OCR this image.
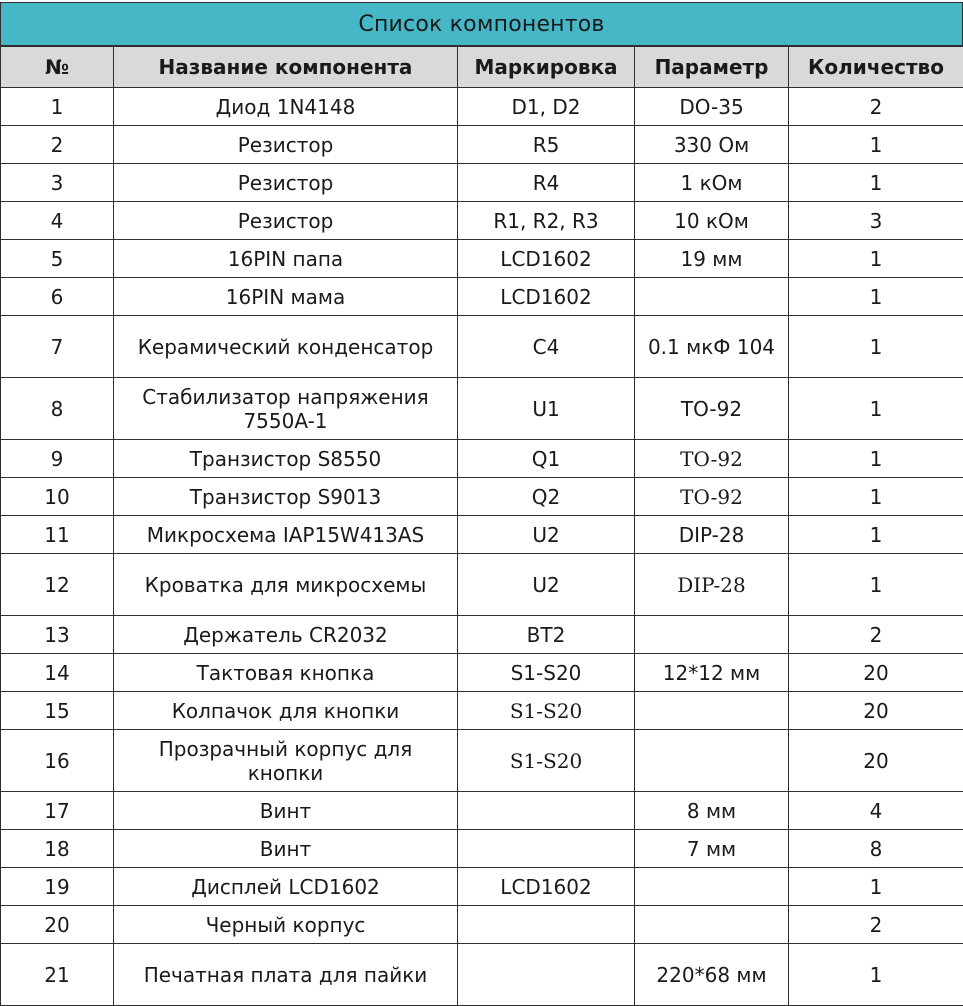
Список компонентов
№	Название компонента	Маркировка	Параметр	Количество
1	Диод 1N4148	D1, D2	DO-35	2
2	Резистор	R5	330 Ом	1
3	Резистор	R4	1 кОм	1
4	Резистор	R1, R2, R3	10 кОм	3
5	16PIN папа	LCD1602	19 мм	1
6	16PIN мама	LCD1602		1
7	Керамический конденсатор	C4	0.1 мкФ 104	1
8	Стабилизатор напряжения 7550A-1	U1	TO-92	1
9	Транзистор S8550	Q1	TO-92	1
10	Транзистор S9013	Q2	TO-92	1
11	Микросхема IAP15W413AS	U2	DIP-28	1
12	Кроватка для микросхемы	U2	DIP-28	1
13	Держатель CR2032	BT2		2
14	Тактовая кнопка	S1-S20	12*12 мм	20
15	Колпачок для кнопки	S1-S20		20
16	Прозрачный корпус для кнопки	S1-S20		20
17	Винт		8 мм	4
18	Винт		7 мм	8
19	Дисплей LCD1602	LCD1602		1
20	Черный корпус			2
21	Печатная плата для пайки		220*68 мм	1
